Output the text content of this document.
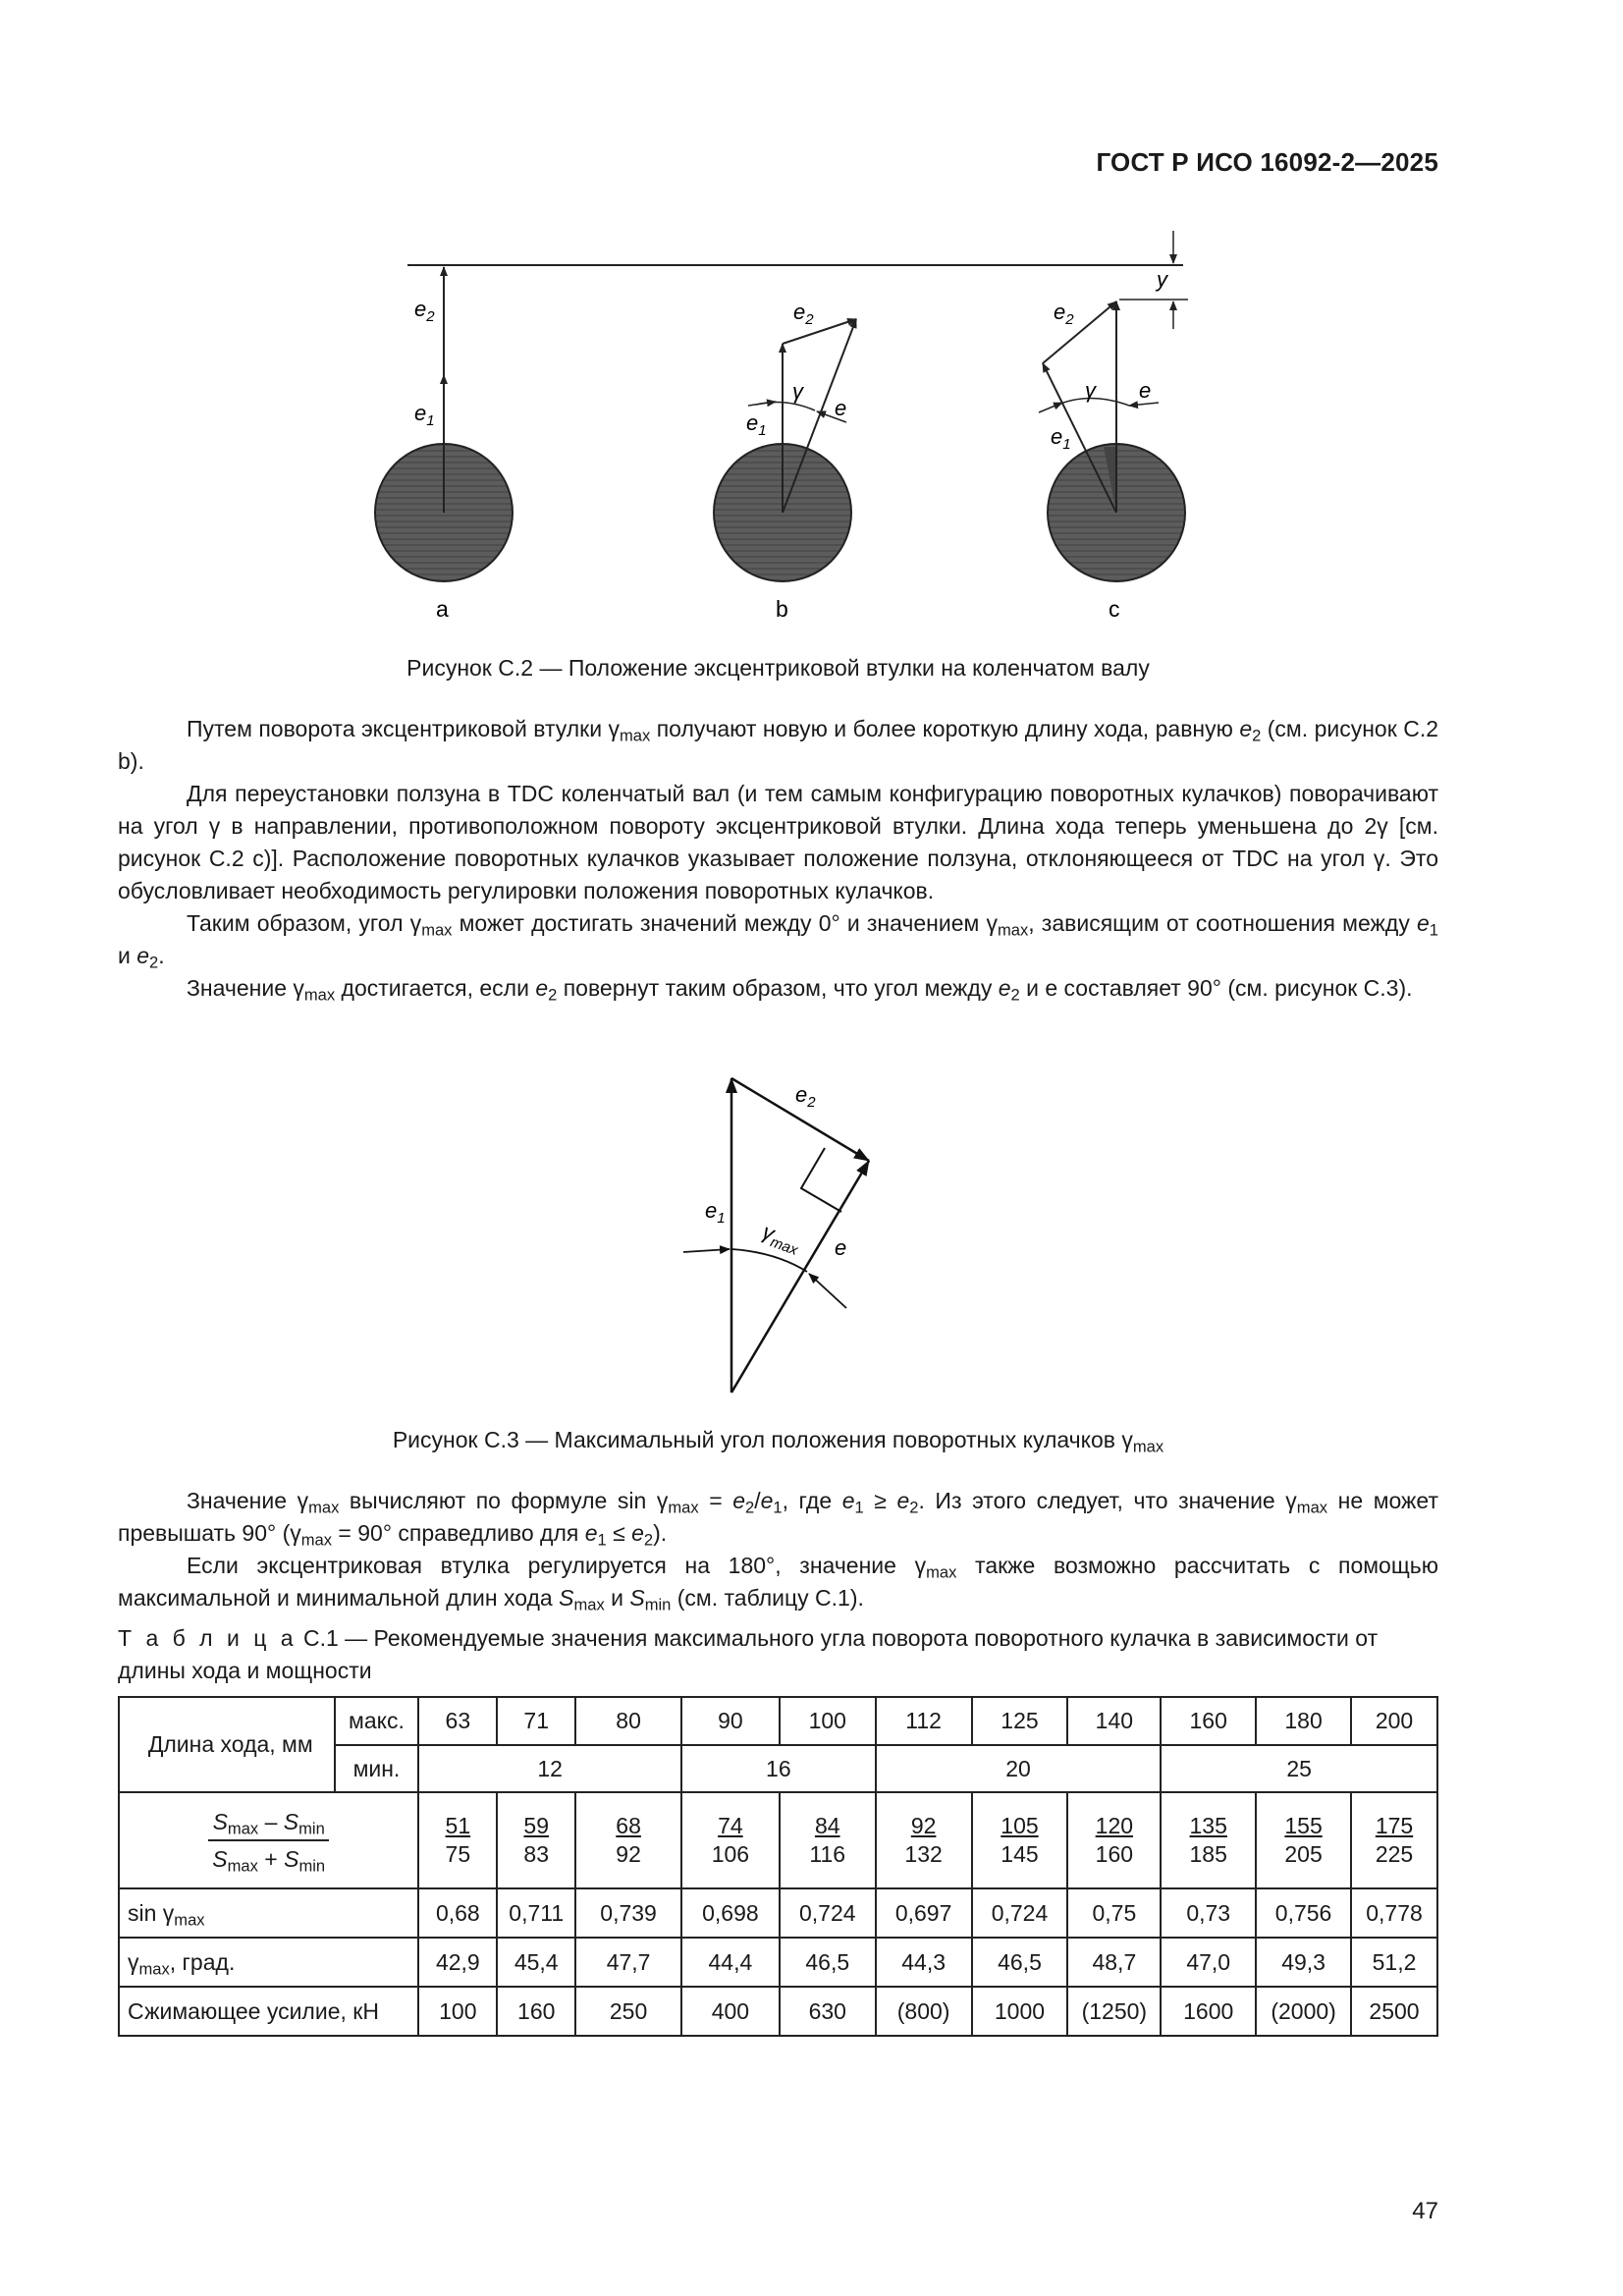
ГОСТ Р ИСО 16092-2—2025
y
$e_1$
$e_2$
a
γ
e
$e_1$
$e_2$
b
γ e
$e_1$
$e_2$
c
Рисунок C.2 — Положение эксцентриковой втулки на коленчатом валу
Путем поворота эксцентриковой втулки $\gamma_{max}$ получают новую и более короткую длину хода, равную $e_2$ (см. рисунок C.2 b).
Для переустановки ползуна в TDC коленчатый вал (и тем самым конфигурацию поворотных кулачков) поворачивают на угол γ в направлении, противоположном повороту эксцентриковой втулки. Длина хода теперь уменьшена до 2γ [см. рисунок C.2 c)]. Расположение поворотных кулачков указывает положение ползуна, отклоняющееся от TDC на угол γ. Это обусловливает необходимость регулировки положения поворотных кулачков.
Таким образом, угол $\gamma_{max}$ может достигать значений между 0° и значением $\gamma_{max}$, зависящим от соотношения между $e_1$ и $e_2$.
Значение $\gamma_{max}$ достигается, если $e_2$ повернут таким образом, что угол между $e_2$ и е составляет 90° (см. рисунок C.3).
$e_1$
$e_2$
e
$\gamma_{max}$
Рисунок C.3 — Максимальный угол положения поворотных кулачков $\gamma_{max}$
Значение $\gamma_{max}$ вычисляют по формуле $\sin \gamma_{max} = e_2/e_1$, где $e_1 \ge e_2$. Из этого следует, что значение $\gamma_{max}$ не может превышать 90° ($\gamma_{max} = 90^\circ$ справедливо для $e_1 \le e_2$).
Если эксцентриковая втулка регулируется на 180°, значение $\gamma_{max}$ также возможно рассчитать с помощью максимальной и минимальной длин хода $S_{max}$ и $S_{min}$ (см. таблицу C.1).
Т а б л и ц а C.1 — Рекомендуемые значения максимального угла поворота поворотного кулачка в зависимости от длины хода и мощности
Длина хода, мм	макс.	63	71	80	90	100	112	125	140	160	180	200
	мин.	12			16		20			25		

$\frac{S_{max} - S_{min}}{S_{max} + S_{min}}$		$\frac{51}{75}$	$\frac{59}{83}$	$\frac{68}{92}$	$\frac{74}{106}$	$\frac{84}{116}$	$\frac{92}{132}$	$\frac{105}{145}$	$\frac{120}{160}$	$\frac{135}{185}$	$\frac{155}{205}$	$\frac{175}{225}$

$\sin \gamma_{max}$		0,68	0,711	0,739	0,698	0,724	0,697	0,724	0,75	0,73	0,756	0,778
$\gamma_{max}$, град.		42,9	45,4	47,7	44,4	46,5	44,3	46,5	48,7	47,0	49,3	51,2
Сжимающее усилие, кН		100	160	250	400	630	(800)	1000	(1250)	1600	(2000)	2500
47
